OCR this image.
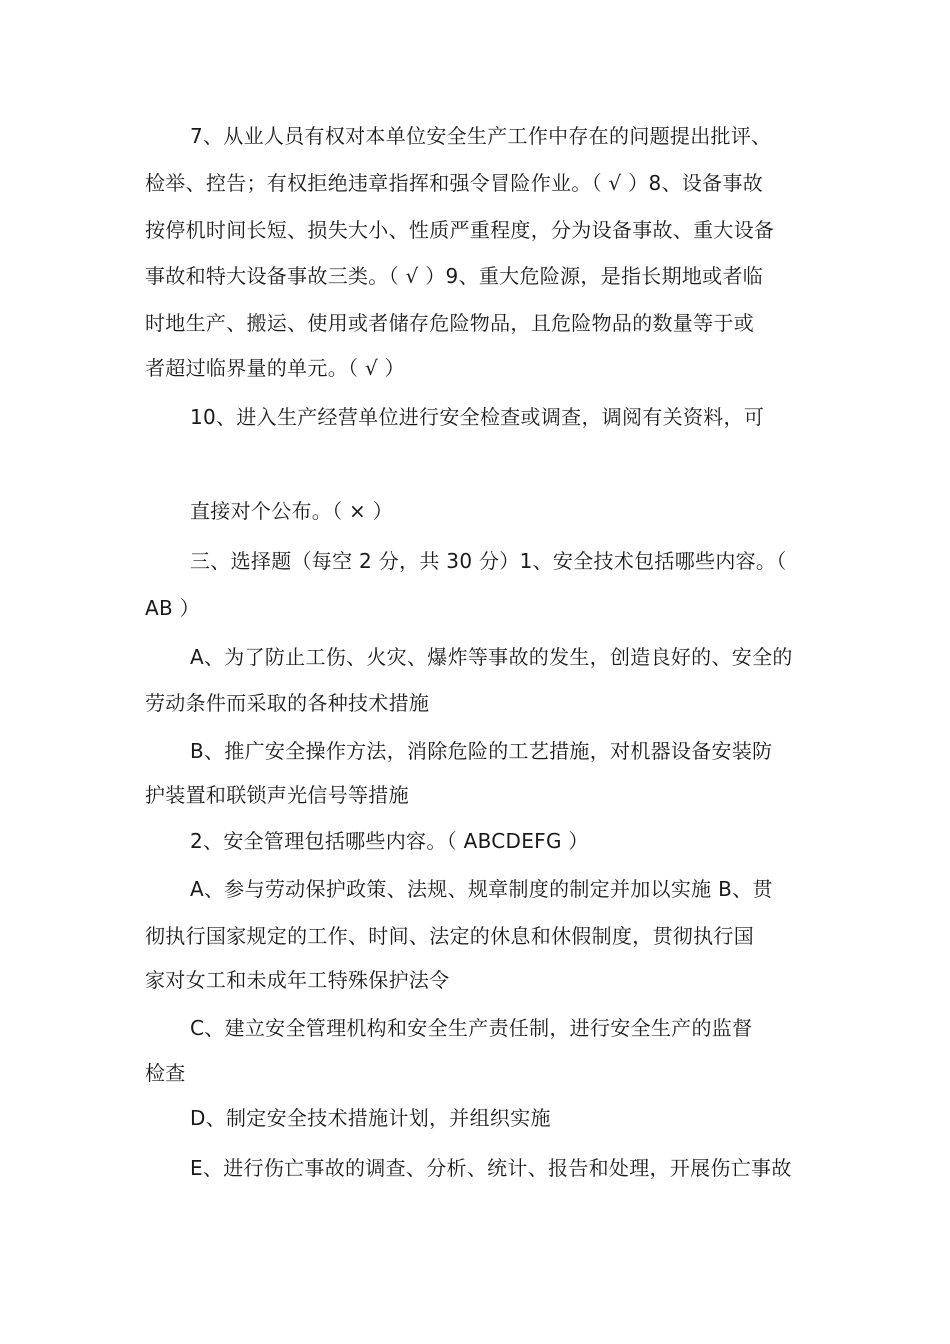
7、从业人员有权对本单位安全生产工作中存在的问题提出批评、
检举、控告；有权拒绝违章指挥和强令冒险作业。（ √ ）8、设备事故
按停机时间长短、损失大小、性质严重程度，分为设备事故、重大设备
事故和特大设备事故三类。（ √ ）9、重大危险源，是指长期地或者临
时地生产、搬运、使用或者储存危险物品，且危险物品的数量等于或
者超过临界量的单元。（ √ ）
10、进入生产经营单位进行安全检查或调查，调阅有关资料，可
直接对个公布。（ × ）
三、选择题（每空 2 分，共 30 分）1、安全技术包括哪些内容。（
AB ）
A、为了防止工伤、火灾、爆炸等事故的发生，创造良好的、安全的
劳动条件而采取的各种技术措施
B、推广安全操作方法，消除危险的工艺措施，对机器设备安装防
护装置和联锁声光信号等措施
2、安全管理包括哪些内容。（ ABCDEFG ）
A、参与劳动保护政策、法规、规章制度的制定并加以实施 B、贯
彻执行国家规定的工作、时间、法定的休息和休假制度，贯彻执行国
家对女工和未成年工特殊保护法令
C、建立安全管理机构和安全生产责任制，进行安全生产的监督
检查
D、制定安全技术措施计划，并组织实施
E、进行伤亡事故的调查、分析、统计、报告和处理，开展伤亡事故
